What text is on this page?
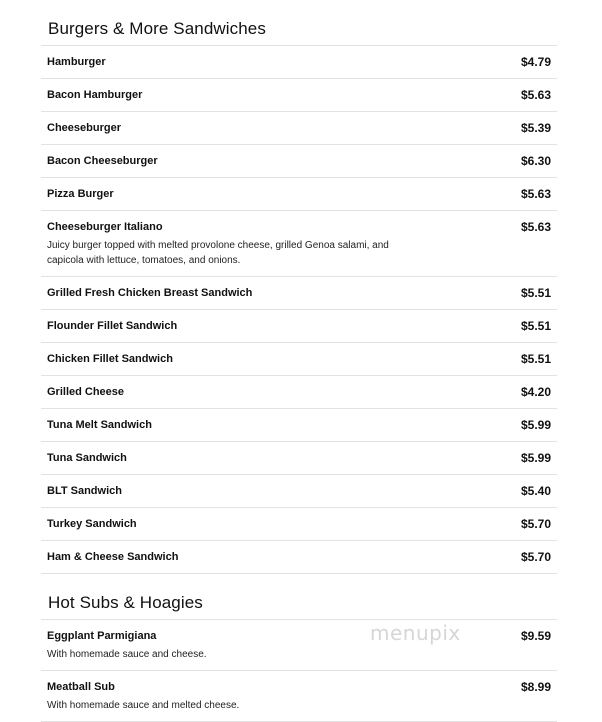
Burgers & More Sandwiches
Hamburger	$4.79
Bacon Hamburger	$5.63
Cheeseburger	$5.39
Bacon Cheeseburger	$6.30
Pizza Burger	$5.63
Cheeseburger Italiano	$5.63
Juicy burger topped with melted provolone cheese, grilled Genoa salami, and capicola with lettuce, tomatoes, and onions.
Grilled Fresh Chicken Breast Sandwich	$5.51
Flounder Fillet Sandwich	$5.51
Chicken Fillet Sandwich	$5.51
Grilled Cheese	$4.20
Tuna Melt Sandwich	$5.99
Tuna Sandwich	$5.99
BLT Sandwich	$5.40
Turkey Sandwich	$5.70
Ham & Cheese Sandwich	$5.70
Hot Subs & Hoagies
Eggplant Parmigiana	$9.59
With homemade sauce and cheese.
Meatball Sub	$8.99
With homemade sauce and melted cheese.
menupix
